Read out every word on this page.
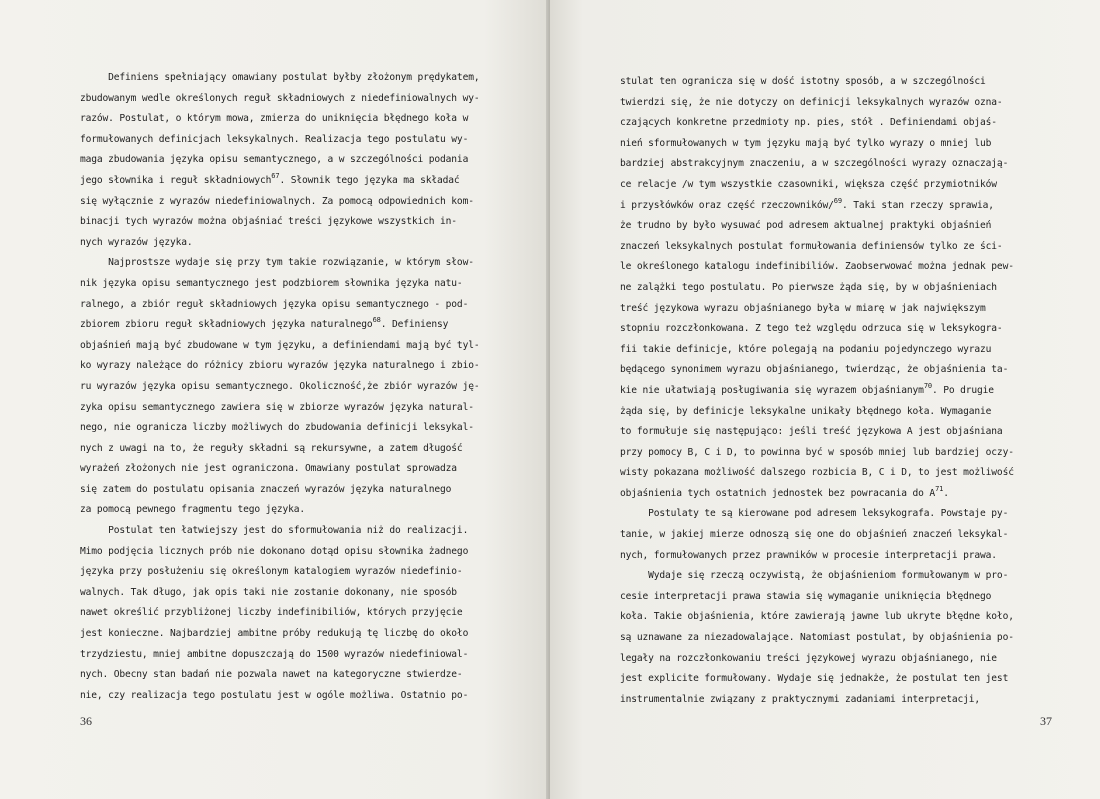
Definiens spełniający omawiany postulat byłby złożonym prędykatem,
zbudowanym wedle określonych reguł składniowych z niedefiniowalnych wy-
razów. Postulat, o którym mowa, zmierza do uniknięcia błędnego koła w
formułowanych definicjach leksykalnych. Realizacja tego postulatu wy-
maga zbudowania języka opisu semantycznego, a w szczególności podania
jego słownika i reguł składniowych$^{67}$. Słownik tego języka ma składać
się wyłącznie z wyrazów niedefiniowalnych. Za pomocą odpowiednich kom-
binacji tych wyrazów można objaśniać treści językowe wszystkich in-
nych wyrazów języka.
Najprostsze wydaje się przy tym takie rozwiązanie, w którym słow-
nik języka opisu semantycznego jest podzbiorem słownika języka natu-
ralnego, a zbiór reguł składniowych języka opisu semantycznego - pod-
zbiorem zbioru reguł składniowych języka naturalnego$^{68}$. Definiensy
objaśnień mają być zbudowane w tym języku, a definiendami mają być tyl-
ko wyrazy należące do różnicy zbioru wyrazów języka naturalnego i zbio-
ru wyrazów języka opisu semantycznego. Okoliczność,że zbiór wyrazów ję-
zyka opisu semantycznego zawiera się w zbiorze wyrazów języka natural-
nego, nie ogranicza liczby możliwych do zbudowania definicji leksykal-
nych z uwagi na to, że reguły składni są rekursywne, a zatem długość
wyrażeń złożonych nie jest ograniczona. Omawiany postulat sprowadza
się zatem do postulatu opisania znaczeń wyrazów języka naturalnego
za pomocą pewnego fragmentu tego języka.
Postulat ten łatwiejszy jest do sformułowania niż do realizacji.
Mimo podjęcia licznych prób nie dokonano dotąd opisu słownika żadnego
języka przy posłużeniu się określonym katalogiem wyrazów niedefinio-
walnych. Tak długo, jak opis taki nie zostanie dokonany, nie sposób
nawet określić przybliżonej liczby indefinibiliów, których przyjęcie
jest konieczne. Najbardziej ambitne próby redukują tę liczbę do około
trzydziestu, mniej ambitne dopuszczają do 1500 wyrazów niedefiniowal-
nych. Obecny stan badań nie pozwala nawet na kategoryczne stwierdze-
nie, czy realizacja tego postulatu jest w ogóle możliwa. Ostatnio po-
36
stulat ten ogranicza się w dość istotny sposób, a w szczególności
twierdzi się, że nie dotyczy on definicji leksykalnych wyrazów ozna-
czających konkretne przedmioty np. pies, stół . Definiendami objaś-
nień sformułowanych w tym języku mają być tylko wyrazy o mniej lub
bardziej abstrakcyjnym znaczeniu, a w szczególności wyrazy oznaczają-
ce relacje /w tym wszystkie czasowniki, większa część przymiotników
i przysłówków oraz część rzeczowników/$^{69}$. Taki stan rzeczy sprawia,
że trudno by było wysuwać pod adresem aktualnej praktyki objaśnień
znaczeń leksykalnych postulat formułowania definiensów tylko ze ści-
le określonego katalogu indefinibiliów. Zaobserwować można jednak pew-
ne zalążki tego postulatu. Po pierwsze żąda się, by w objaśnieniach
treść językowa wyrazu objaśnianego była w miarę w jak największym
stopniu rozczłonkowana. Z tego też względu odrzuca się w leksykogra-
fii takie definicje, które polegają na podaniu pojedynczego wyrazu
będącego synonimem wyrazu objaśnianego, twierdząc, że objaśnienia ta-
kie nie ułatwiają posługiwania się wyrazem objaśnianym$^{70}$. Po drugie
żąda się, by definicje leksykalne unikały błędnego koła. Wymaganie
to formułuje się następująco: jeśli treść językowa A jest objaśniana
przy pomocy B, C i D, to powinna być w sposób mniej lub bardziej oczy-
wisty pokazana możliwość dalszego rozbicia B, C i D, to jest możliwość
objaśnienia tych ostatnich jednostek bez powracania do $A^{71}$.
Postulaty te są kierowane pod adresem leksykografa. Powstaje py-
tanie, w jakiej mierze odnoszą się one do objaśnień znaczeń leksykal-
nych, formułowanych przez prawników w procesie interpretacji prawa.
Wydaje się rzeczą oczywistą, że objaśnieniom formułowanym w pro-
cesie interpretacji prawa stawia się wymaganie uniknięcia błędnego
koła. Takie objaśnienia, które zawierają jawne lub ukryte błędne koło,
są uznawane za niezadowalające. Natomiast postulat, by objaśnienia po-
legały na rozczłonkowaniu treści językowej wyrazu objaśnianego, nie
jest explicite formułowany. Wydaje się jednakże, że postulat ten jest
instrumentalnie związany z praktycznymi zadaniami interpretacji,
37
